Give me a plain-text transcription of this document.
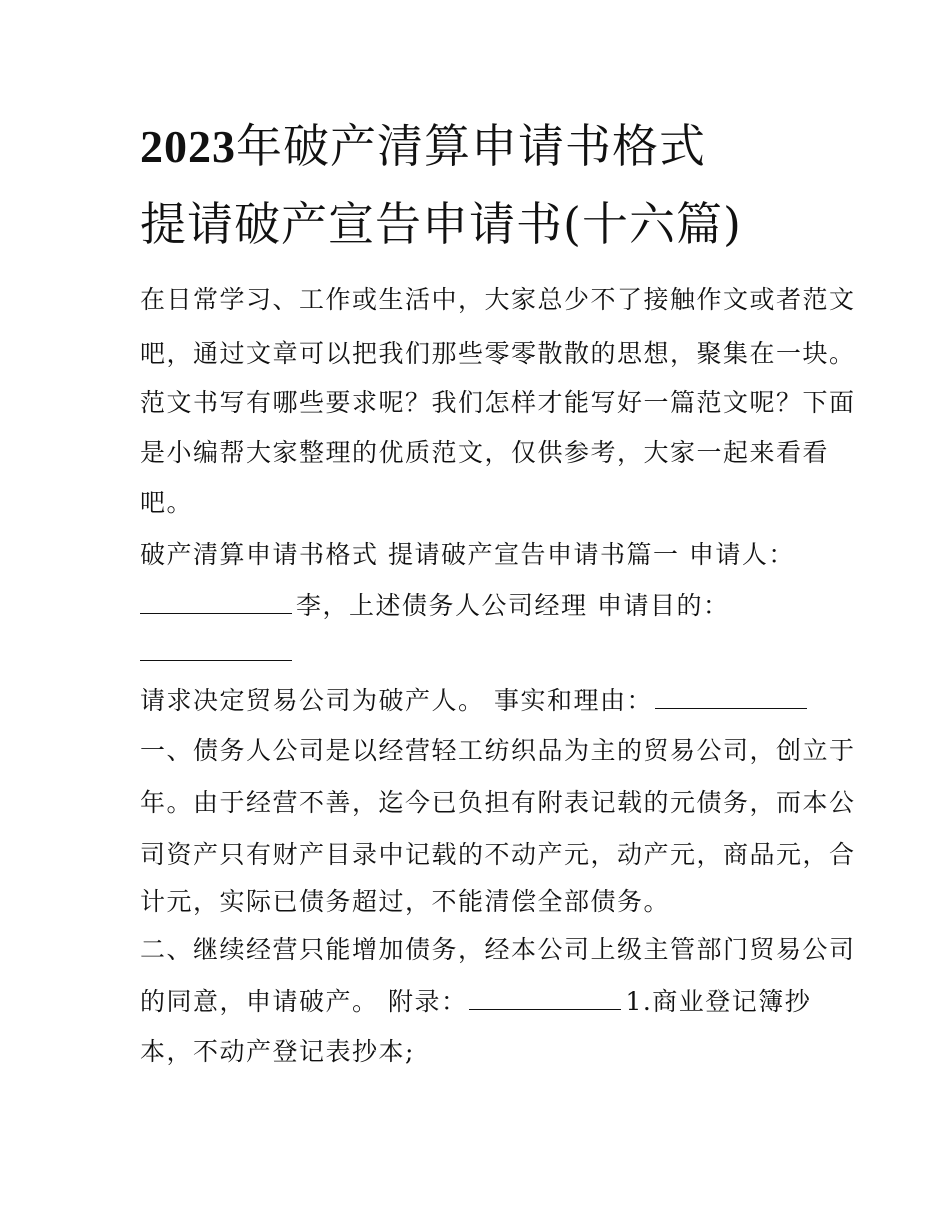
2023年破产清算申请书格式
提请破产宣告申请书(十六篇)
在日常学习、工作或生活中，大家总少不了接触作文或者范文
吧，通过文章可以把我们那些零零散散的思想，聚集在一块。
范文书写有哪些要求呢？我们怎样才能写好一篇范文呢？下面
是小编帮大家整理的优质范文，仅供参考，大家一起来看看
吧。
破产清算申请书格式 提请破产宣告申请书篇一 申请人：
李，上述债务人公司经理 申请目的：
请求决定贸易公司为破产人。 事实和理由：
一、债务人公司是以经营轻工纺织品为主的贸易公司，创立于
年。由于经营不善，迄今已负担有附表记载的元债务，而本公
司资产只有财产目录中记载的不动产元，动产元，商品元，合
计元，实际已债务超过，不能清偿全部债务。
二、继续经营只能增加债务，经本公司上级主管部门贸易公司
的同意，申请破产。 附录：	1.商业登记簿抄
本，不动产登记表抄本;
